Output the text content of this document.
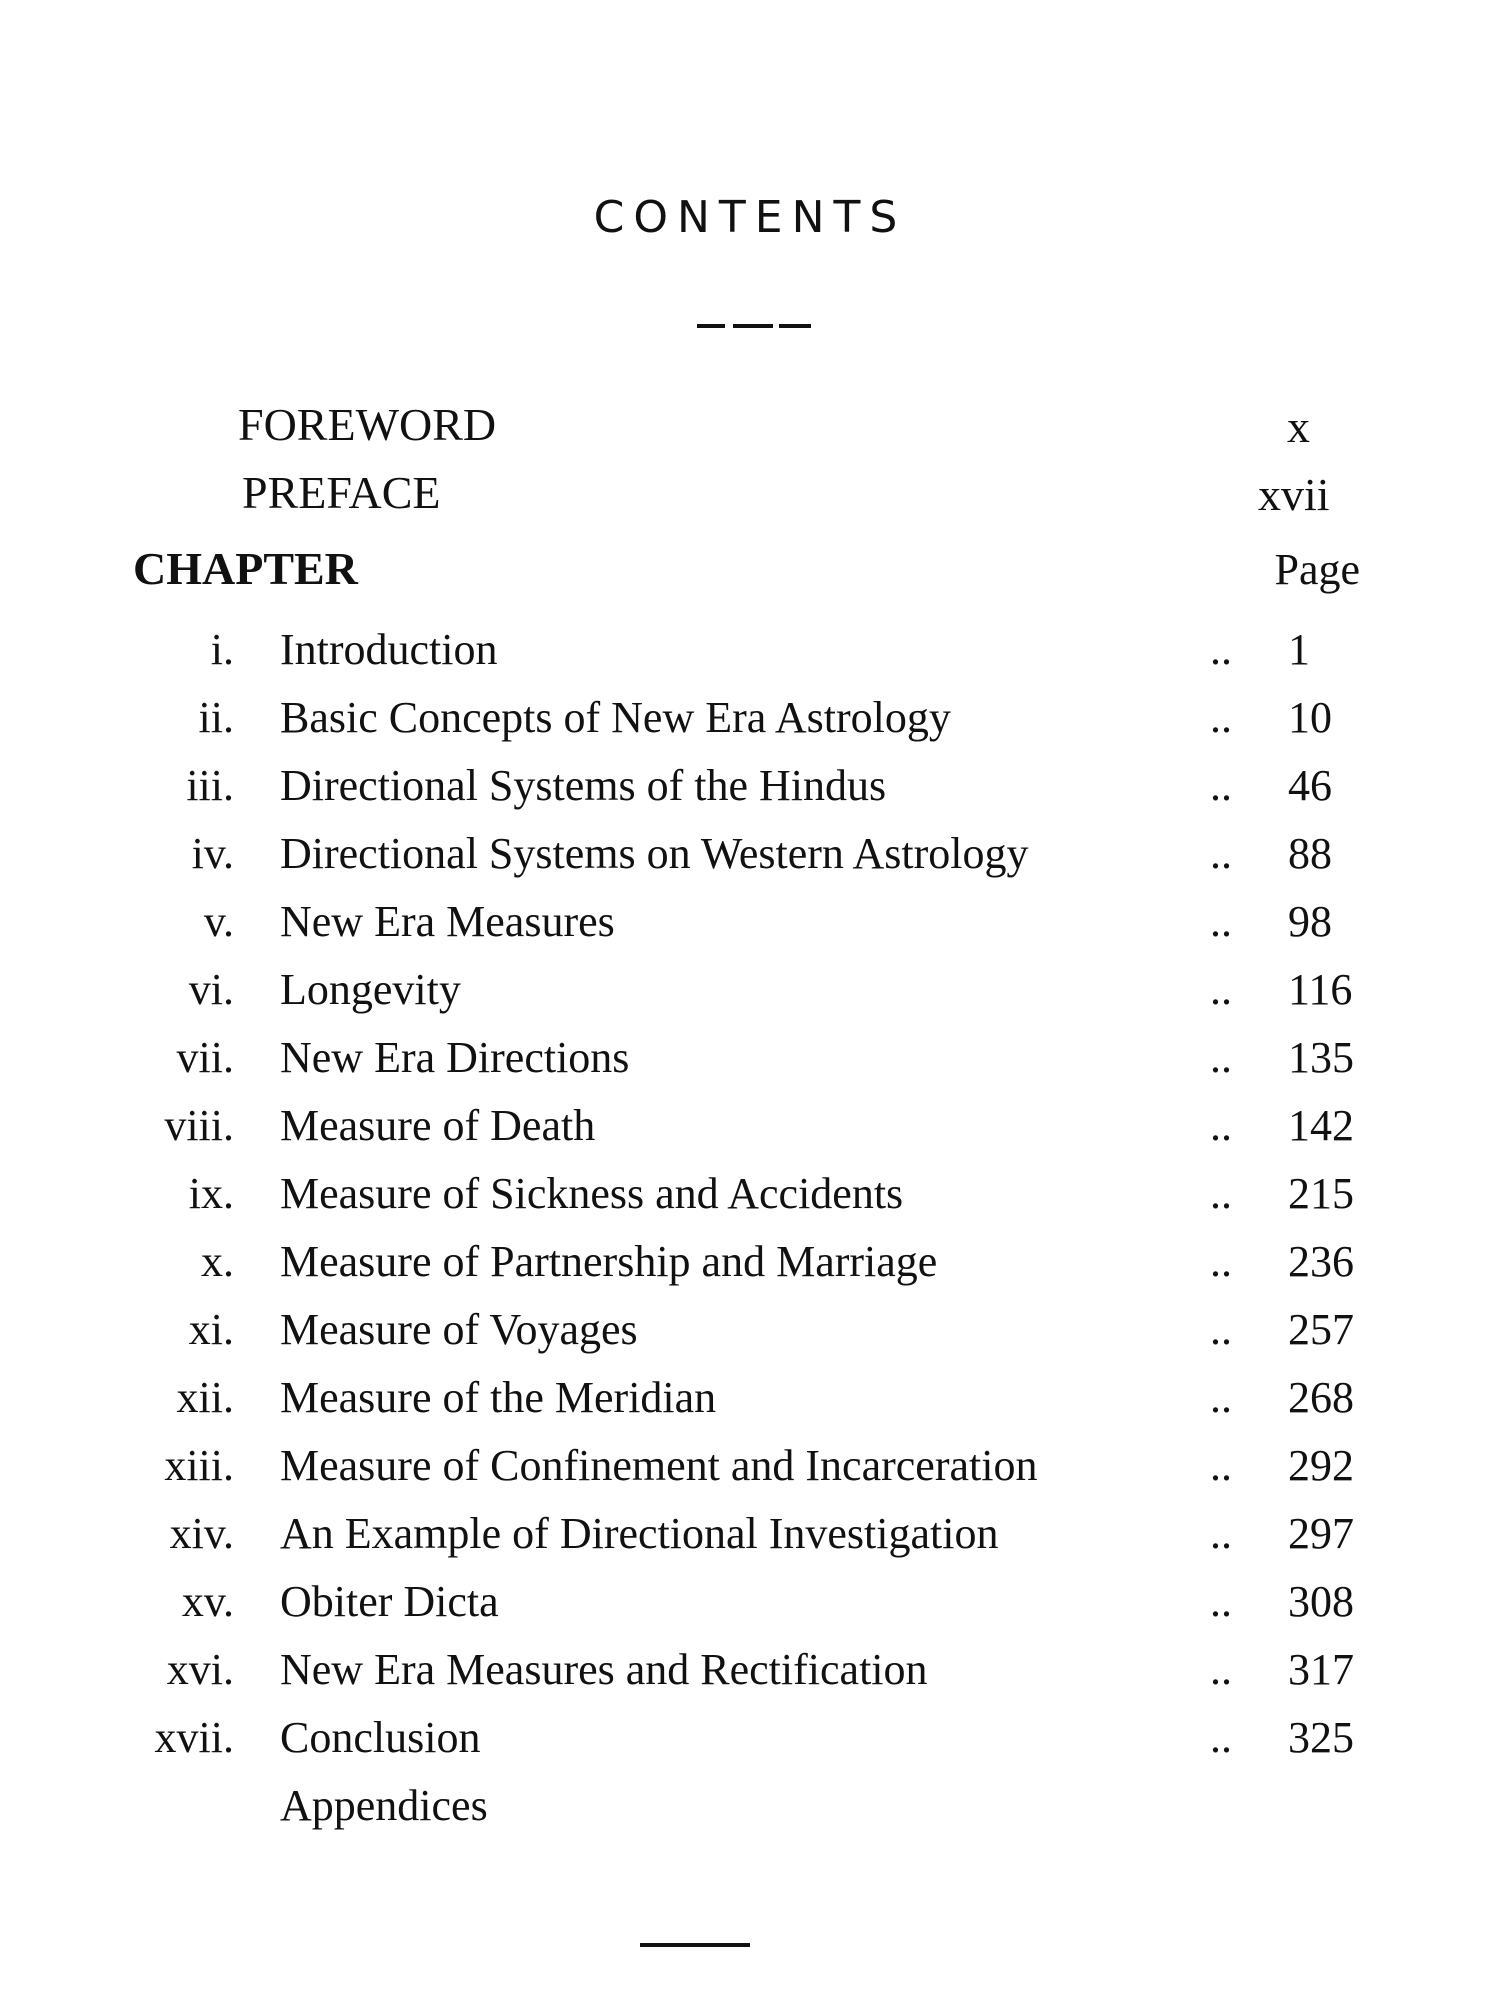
CONTENTS
FOREWORD	x
PREFACE	xvii
CHAPTER	Page
i. Introduction	.. 1
ii. Basic Concepts of New Era Astrology	.. 10
iii. Directional Systems of the Hindus	.. 46
iv. Directional Systems on Western Astrology	.. 88
v. New Era Measures	.. 98
vi. Longevity	.. 116
vii. New Era Directions	.. 135
viii. Measure of Death	.. 142
ix. Measure of Sickness and Accidents	.. 215
x. Measure of Partnership and Marriage	.. 236
xi. Measure of Voyages	.. 257
xii. Measure of the Meridian	.. 268
xiii. Measure of Confinement and Incarceration	.. 292
xiv. An Example of Directional Investigation	.. 297
xv. Obiter Dicta	.. 308
xvi. New Era Measures and Rectification	.. 317
xvii. Conclusion	.. 325
Appendices
